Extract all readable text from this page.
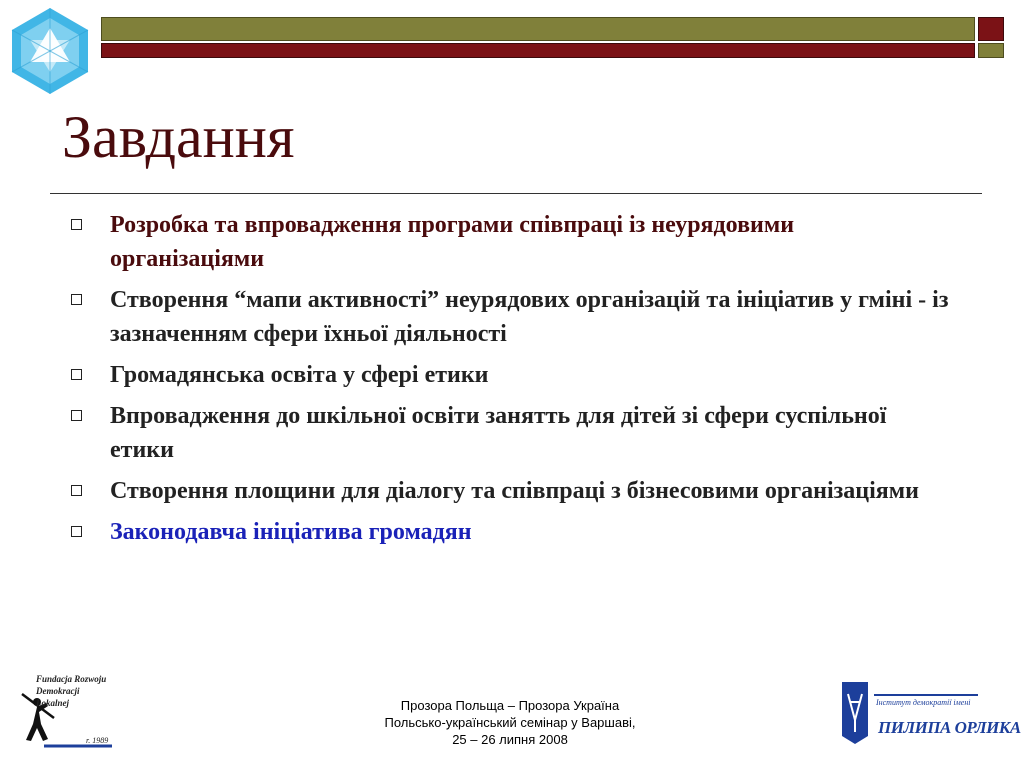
Завдання
Розробка та впровадження програми співпраці із неурядовими організаціями
Створення “мапи активності” неурядових організацій та ініціатив у гміні - із зазначенням сфери їхньої діяльності
Громадянська освіта у сфері етики
Впровадження до шкільної освіти занятть для дітей зі сфери суспільної етики
Створення площини для діалогу та співпраці з бізнесовими організаціями
Законодавча ініціатива громадян
Fundacja Rozwoju Demokracji Lokalnej
r. 1989
Прозора Польща – Прозора Україна
Польсько-український семінар у Варшаві,
25 – 26 липня 2008
Інститут демократії імені
ПИЛИПА ОРЛИКА
